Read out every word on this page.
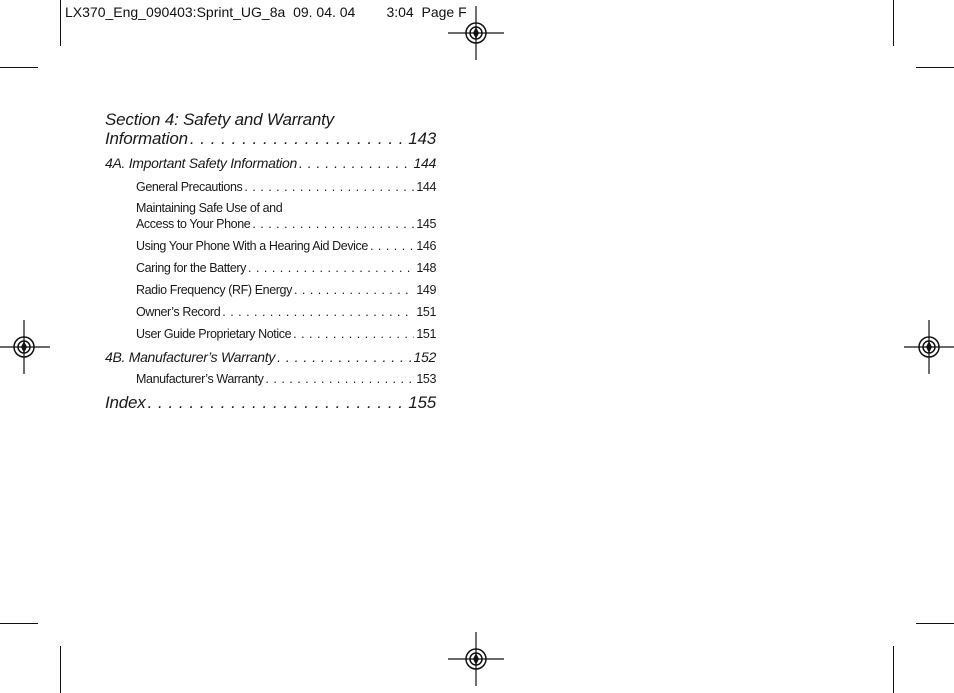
LX370_Eng_090403:Sprint_UG_8a  09. 04. 04        3:04  Page F
Section 4: Safety and Warranty
Information . . .	143
4A. Important Safety Information . . .	144
General Precautions . . .	144
Maintaining Safe Use of and
Access to Your Phone . . .	145
Using Your Phone With a Hearing Aid Device . . .	146
Caring for the Battery . . .	148
Radio Frequency (RF) Energy . . .	149
Owner’s Record . . .	151
User Guide Proprietary Notice . . .	151
4B. Manufacturer’s Warranty . . .	152
Manufacturer’s Warranty . . .	153
Index . . .	155
